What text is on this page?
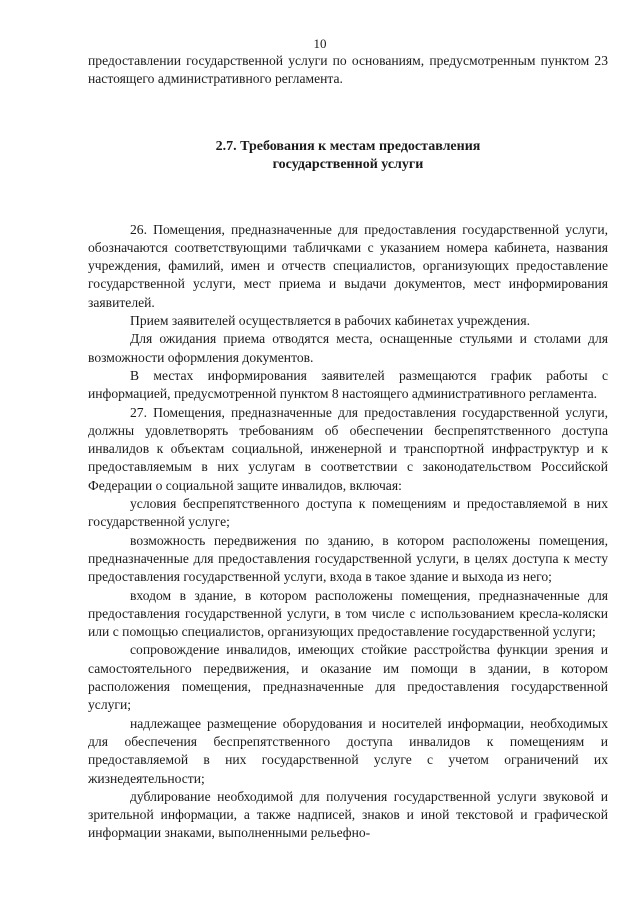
10

предоставлении государственной услуги по основаниям, предусмотренным пунктом 23 настоящего административного регламента.

2.7. Требования к местам предоставления

государственной услуги

26. Помещения, предназначенные для предоставления государственной услуги, обозначаются соответствующими табличками с указанием номера кабинета, названия учреждения, фамилий, имен и отчеств специалистов, организующих предоставление государственной услуги, мест приема и выдачи документов, мест информирования заявителей.

Прием заявителей осуществляется в рабочих кабинетах учреждения.

Для ожидания приема отводятся места, оснащенные стульями и столами для возможности оформления документов.

В местах информирования заявителей размещаются график работы с информацией, предусмотренной пунктом 8 настоящего административного регламента.

27. Помещения, предназначенные для предоставления государственной услуги, должны удовлетворять требованиям об обеспечении беспрепятственного доступа инвалидов к объектам социальной, инженерной и транспортной инфраструктур и к предоставляемым в них услугам в соответствии с законодательством Российской Федерации о социальной защите инвалидов, включая:

условия беспрепятственного доступа к помещениям и предоставляемой в них государственной услуге;

возможность передвижения по зданию, в котором расположены помещения, предназначенные для предоставления государственной услуги, в целях доступа к месту предоставления государственной услуги, входа в такое здание и выхода из него;

входом в здание, в котором расположены помещения, предназначенные для предоставления государственной услуги, в том числе с использованием кресла-коляски или с помощью специалистов, организующих предоставление государственной услуги;

сопровождение инвалидов, имеющих стойкие расстройства функции зрения и самостоятельного передвижения, и оказание им помощи в здании, в котором расположения помещения, предназначенные для предоставления государственной услуги;

надлежащее размещение оборудования и носителей информации, необходимых для обеспечения беспрепятственного доступа инвалидов к помещениям и предоставляемой в них государственной услуге с учетом ограничений их жизнедеятельности;

дублирование необходимой для получения государственной услуги звуковой и зрительной информации, а также надписей, знаков и иной текстовой и графической информации знаками, выполненными рельефно-
